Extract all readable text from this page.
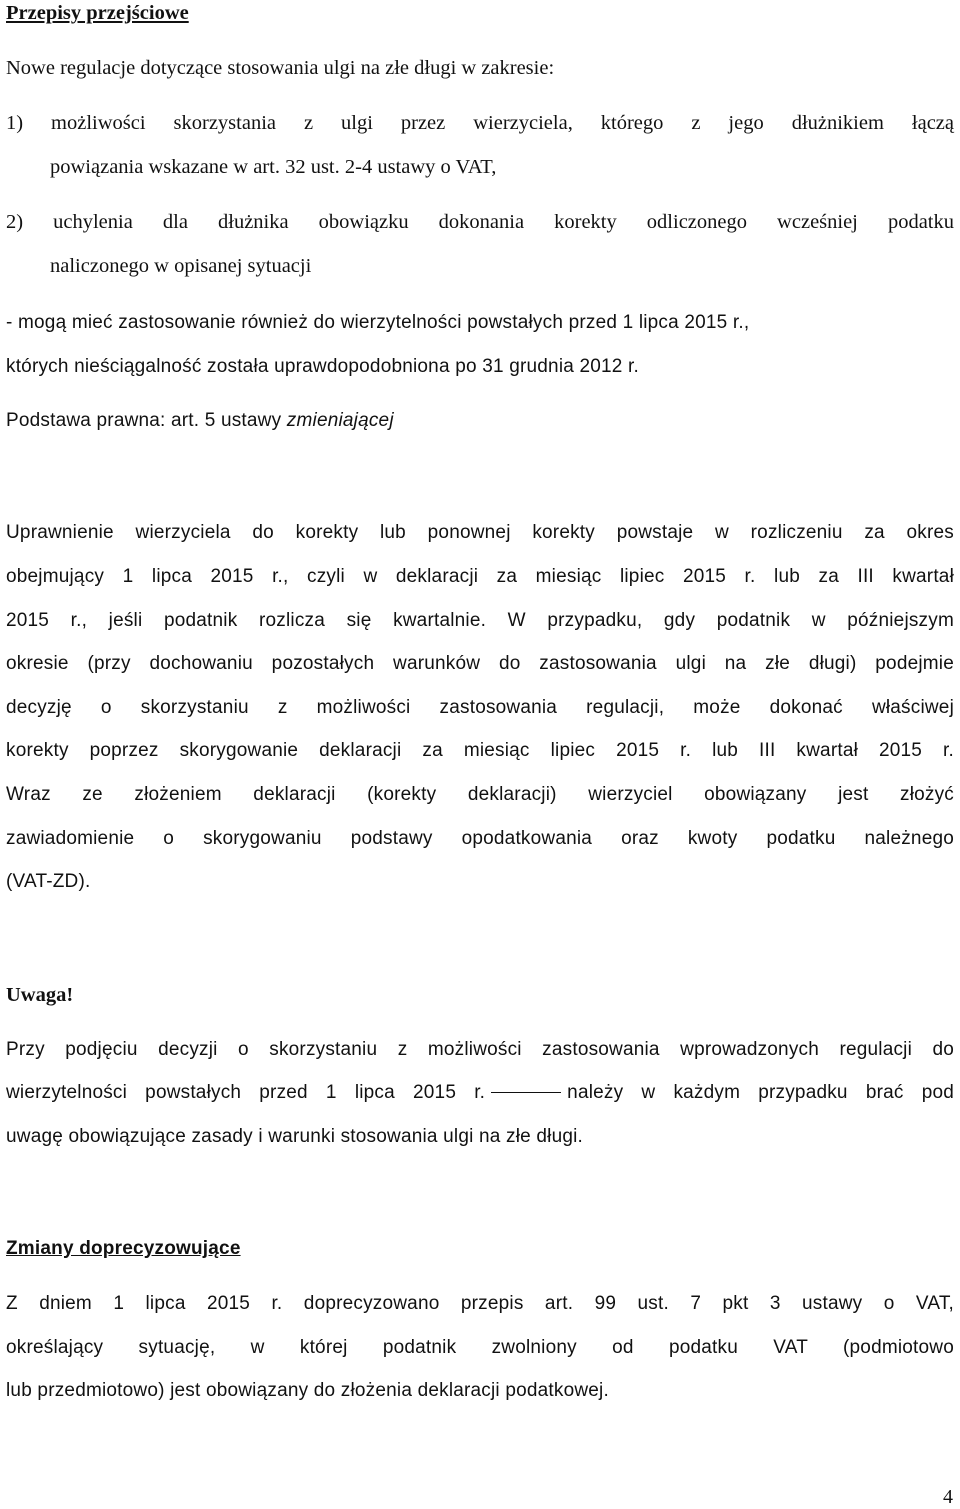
Przepisy przejściowe
Nowe regulacje dotyczące stosowania ulgi na złe długi w zakresie:
1) możliwości skorzystania z ulgi przez wierzyciela, którego z jego dłużnikiem łączą
powiązania wskazane w art. 32 ust. 2-4 ustawy o VAT,
2) uchylenia dla dłużnika obowiązku dokonania korekty odliczonego wcześniej podatku
naliczonego w opisanej sytuacji
- mogą mieć zastosowanie również do wierzytelności powstałych przed 1 lipca 2015 r.,
których nieściągalność została uprawdopodobniona po 31 grudnia 2012 r.
Podstawa prawna: art. 5 ustawy zmieniającej
Uprawnienie wierzyciela do korekty lub ponownej korekty powstaje w rozliczeniu za okres
obejmujący 1 lipca 2015 r., czyli w deklaracji za miesiąc lipiec 2015 r. lub za III kwartał
2015 r., jeśli podatnik rozlicza się kwartalnie. W przypadku, gdy podatnik w późniejszym
okresie (przy dochowaniu pozostałych warunków do zastosowania ulgi na złe długi) podejmie
decyzję o skorzystaniu z możliwości zastosowania regulacji, może dokonać właściwej
korekty poprzez skorygowanie deklaracji za miesiąc lipiec 2015 r. lub III kwartał 2015 r.
Wraz ze złożeniem deklaracji (korekty deklaracji) wierzyciel obowiązany jest złożyć
zawiadomienie o skorygowaniu podstawy opodatkowania oraz kwoty podatku należnego
(VAT-ZD).
Uwaga!
Przy podjęciu decyzji o skorzystaniu z możliwości zastosowania wprowadzonych regulacji do
wierzytelności powstałych przed 1 lipca 2015 r.	należy w każdym przypadku brać pod
uwagę obowiązujące zasady i warunki stosowania ulgi na złe długi.
Zmiany doprecyzowujące
Z dniem 1 lipca 2015 r. doprecyzowano przepis art. 99 ust. 7 pkt 3 ustawy o VAT,
określający sytuację, w której podatnik zwolniony od podatku VAT (podmiotowo
lub przedmiotowo) jest obowiązany do złożenia deklaracji podatkowej.
4
